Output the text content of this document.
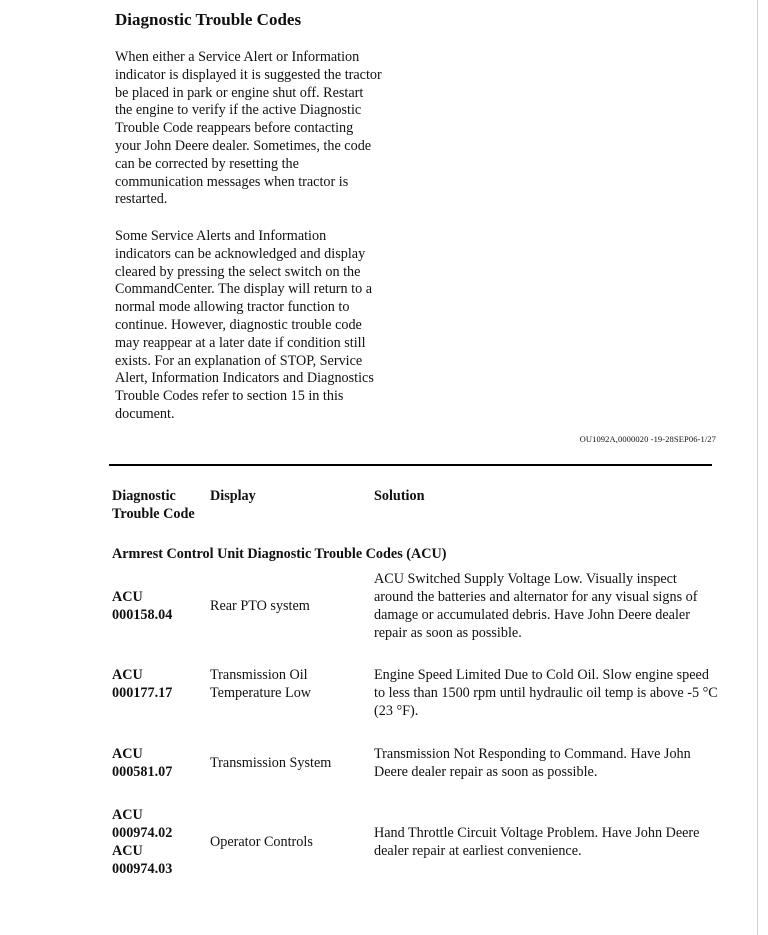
Diagnostic Trouble Codes

When either a Service Alert or Information
indicator is displayed it is suggested the tractor
be placed in park or engine shut off. Restart
the engine to verify if the active Diagnostic
Trouble Code reappears before contacting
your John Deere dealer. Sometimes, the code
can be corrected by resetting the
communication messages when tractor is
restarted.

Some Service Alerts and Information
indicators can be acknowledged and display
cleared by pressing the select switch on the
CommandCenter. The display will return to a
normal mode allowing tractor function to
continue. However, diagnostic trouble code
may reappear at a later date if condition still
exists. For an explanation of STOP, Service
Alert, Information Indicators and Diagnostics
Trouble Codes refer to section 15 in this
document.

OU1092A,0000020 -19-28SEP06-1/27
Diagnostic
Trouble Code
Display	Solution
Armrest Control Unit Diagnostic Trouble Codes (ACU)
ACU
000158.04
Rear PTO system
ACU Switched Supply Voltage Low. Visually inspect around the batteries and alternator for any visual signs of damage or accumulated debris. Have John Deere dealer repair as soon as possible.
ACU
000177.17
Transmission Oil
Temperature Low
Engine Speed Limited Due to Cold Oil. Slow engine speed to less than 1500 rpm until hydraulic oil temp is above -5 °C (23 °F).
ACU
000581.07
Transmission System
Transmission Not Responding to Command. Have John Deere dealer repair as soon as possible.
ACU
000974.02
ACU
000974.03
Operator Controls
Hand Throttle Circuit Voltage Problem. Have John Deere dealer repair at earliest convenience.
